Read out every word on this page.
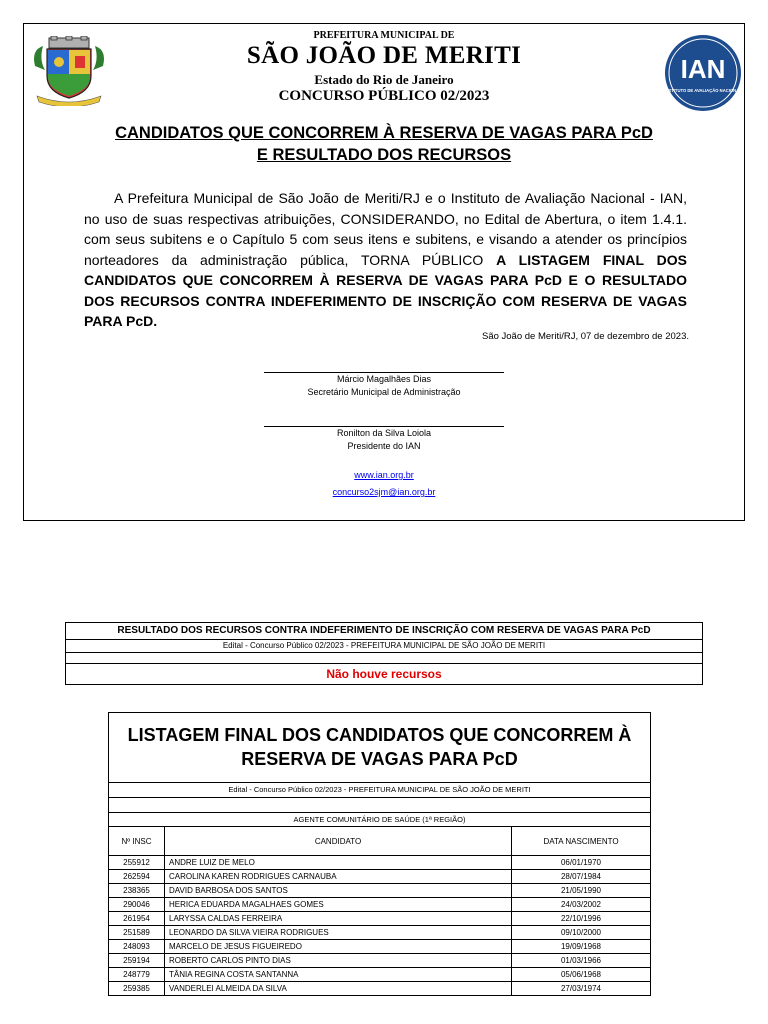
PREFEITURA MUNICIPAL DE
SÃO JOÃO DE MERITI
Estado do Rio de Janeiro
CONCURSO PÚBLICO 02/2023
IAN
INSTITUTO DE AVALIAÇÃO NACIONAL
CANDIDATOS QUE CONCORREM À RESERVA DE VAGAS PARA PcD
E RESULTADO DOS RECURSOS
A Prefeitura Municipal de São João de Meriti/RJ e o Instituto de Avaliação Nacional - IAN, no uso de suas respectivas atribuições, CONSIDERANDO, no Edital de Abertura, o item 1.4.1. com seus subitens e o Capítulo 5 com seus itens e subitens, e visando a atender os princípios norteadores da administração pública, TORNA PÚBLICO A LISTAGEM FINAL DOS CANDIDATOS QUE CONCORREM À RESERVA DE VAGAS PARA PcD E O RESULTADO DOS RECURSOS CONTRA INDEFERIMENTO DE INSCRIÇÃO COM RESERVA DE VAGAS PARA PcD.
São João de Meriti/RJ, 07 de dezembro de 2023.
Márcio Magalhães Dias
Secretário Municipal de Administração
Ronilton da Silva Loiola
Presidente do IAN
www.ian.org.br
concurso2sjm@ian.org.br
RESULTADO DOS RECURSOS CONTRA INDEFERIMENTO DE INSCRIÇÃO COM RESERVA DE VAGAS PARA PcD
Edital - Concurso Público 02/2023 - PREFEITURA MUNICIPAL DE SÃO JOÃO DE MERITI
Não houve recursos
LISTAGEM FINAL DOS CANDIDATOS QUE CONCORREM À
RESERVA DE VAGAS PARA PcD
Edital - Concurso Público 02/2023 - PREFEITURA MUNICIPAL DE SÃO JOÃO DE MERITI
AGENTE COMUNITÁRIO DE SAÚDE (1ª REGIÃO)
Nº INSC	CANDIDATO	DATA NASCIMENTO
255912	ANDRE LUIZ DE MELO	06/01/1970
262594	CAROLINA KAREN RODRIGUES CARNAUBA	28/07/1984
238365	DAVID BARBOSA DOS SANTOS	21/05/1990
290046	HERICA EDUARDA MAGALHAES GOMES	24/03/2002
261954	LARYSSA CALDAS FERREIRA	22/10/1996
251589	LEONARDO DA SILVA VIEIRA RODRIGUES	09/10/2000
248093	MARCELO DE JESUS FIGUEIREDO	19/09/1968
259194	ROBERTO CARLOS PINTO DIAS	01/03/1966
248779	TÂNIA REGINA COSTA SANTANNA	05/06/1968
259385	VANDERLEI ALMEIDA DA SILVA	27/03/1974
